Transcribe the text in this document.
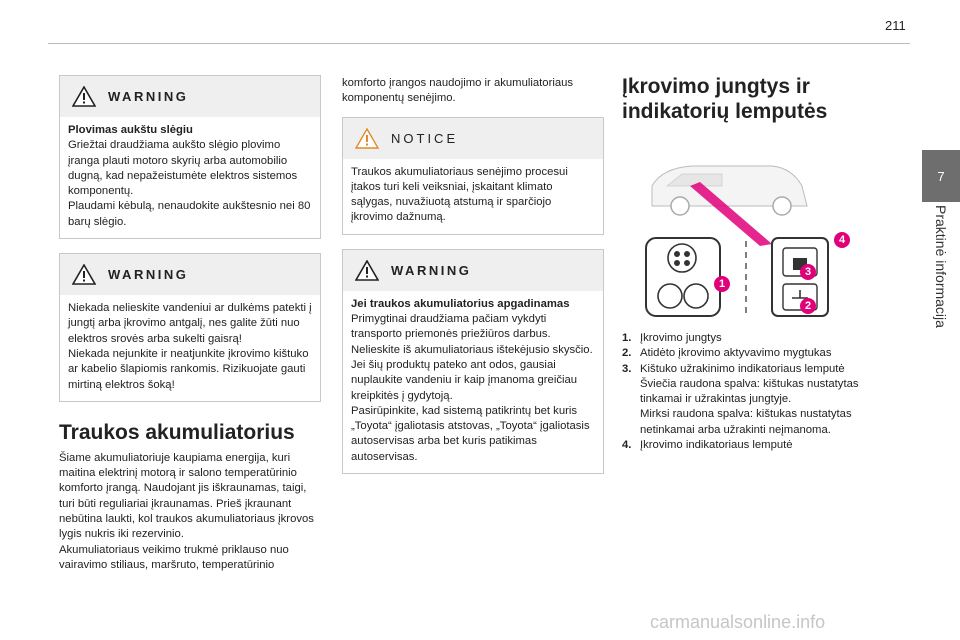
211
7
Praktinė informacija
WARNING

Plovimas aukštu slėgiu

Griežtai draudžiama aukšto slėgio plovimo įranga plauti motoro skyrių arba automobilio dugną, kad nepažeistumėte elektros sistemos komponentų.
Plaudami kėbulą, nenaudokite aukštesnio nei 80 barų slėgio.

WARNING

Niekada nelieskite vandeniui ar dulkėms patekti į jungtį arba įkrovimo antgalį, nes galite žūti nuo elektros srovės arba sukelti gaisrą!
Niekada nejunkite ir neatjunkite įkrovimo kištuko ar kabelio šlapiomis rankomis. Rizikuojate gauti mirtiną elektros šoką!

Traukos akumuliatorius

Šiame akumuliatoriuje kaupiama energija, kuri maitina elektrinį motorą ir salono temperatūrinio komforto įrangą. Naudojant jis iškraunamas, taigi, turi būti reguliariai įkraunamas. Prieš įkraunant nebūtina laukti, kol traukos akumuliatoriaus įkrovos lygis nukris iki rezervinio.
Akumuliatoriaus veikimo trukmė priklauso nuo vairavimo stiliaus, maršruto, temperatūrinio

komforto įrangos naudojimo ir akumuliatoriaus komponentų senėjimo.

NOTICE

Traukos akumuliatoriaus senėjimo procesui įtakos turi keli veiksniai, įskaitant klimato sąlygas, nuvažiuotą atstumą ir sparčiojo įkrovimo dažnumą.

WARNING

Jei traukos akumuliatorius apgadinamas

Primygtinai draudžiama pačiam vykdyti transporto priemonės priežiūros darbus. Nelieskite iš akumuliatoriaus ištekėjusio skysčio. Jei šių produktų pateko ant odos, gausiai nuplaukite vandeniu ir kaip įmanoma greičiau kreipkitės į gydytoją.
Pasirūpinkite, kad sistemą patikrintų bet kuris „Toyota“ įgaliotasis atstovas, „Toyota“ įgaliotasis autoservisas arba bet kuris patikimas autoservisas.

Įkrovimo jungtys ir indikatorių lemputės
1
2
3
4
1. Įkrovimo jungtys
2. Atidėto įkrovimo aktyvavimo mygtukas
3. Kištuko užrakinimo indikatoriaus lemputė
Šviečia raudona spalva: kištukas nustatytas tinkamai ir užrakintas jungtyje.
Mirksi raudona spalva: kištukas nustatytas netinkamai arba užrakinti neįmanoma.
4. Įkrovimo indikatoriaus lemputė
carmanualsonline.info
